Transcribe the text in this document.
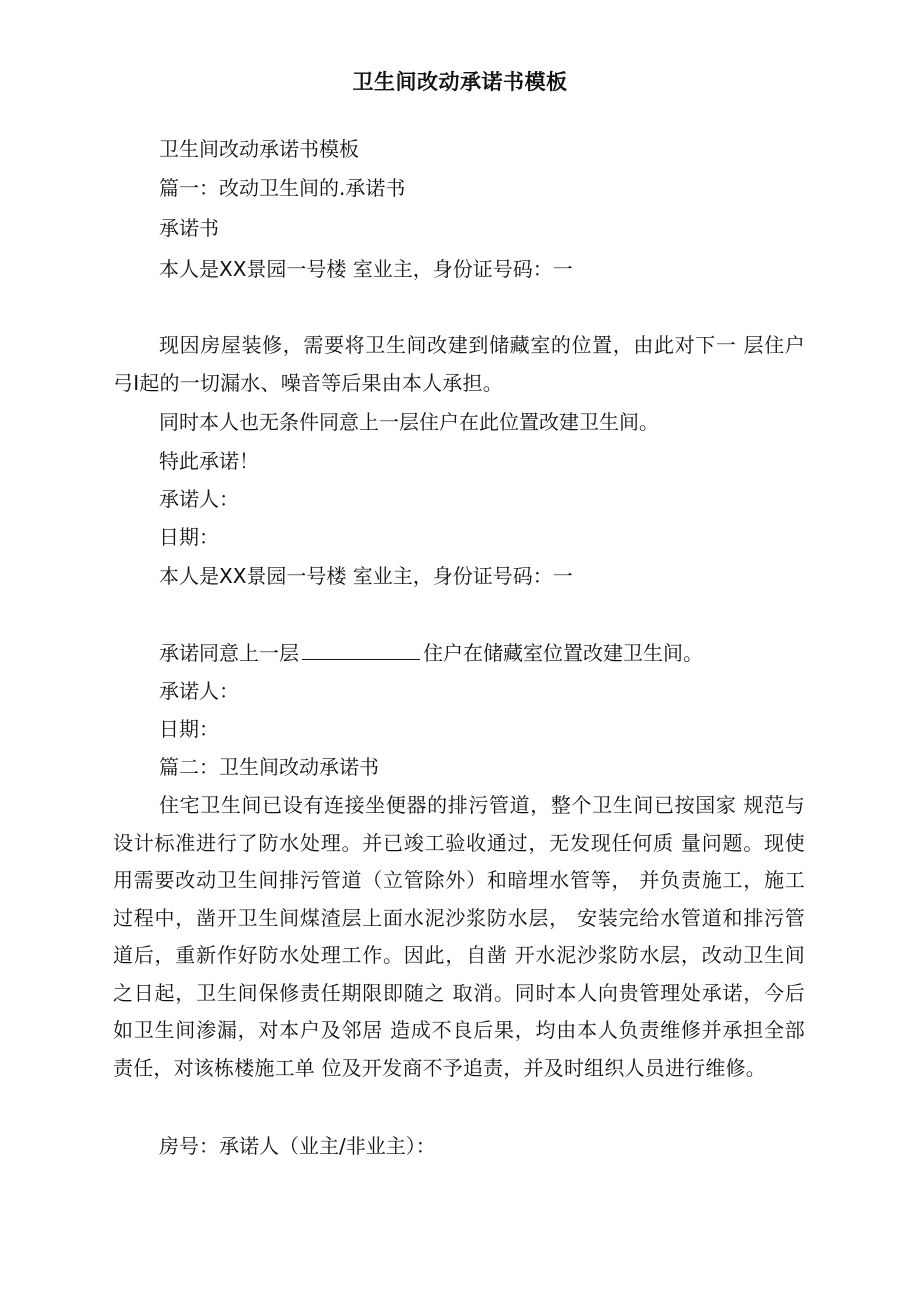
卫生间改动承诺书模板
卫生间改动承诺书模板
篇一：改动卫生间的.承诺书
承诺书
本人是XX景园一号楼 室业主，身份证号码：一
现因房屋装修，需要将卫生间改建到储藏室的位置，由此对下一 层住户弓I起的一切漏水、噪音等后果由本人承担。
同时本人也无条件同意上一层住户在此位置改建卫生间。
特此承诺！
承诺人：
日期：
本人是XX景园一号楼 室业主，身份证号码：一
承诺同意上一层	住户在储藏室位置改建卫生间。
承诺人：
日期：
篇二：卫生间改动承诺书
住宅卫生间已设有连接坐便器的排污管道，整个卫生间已按国家 规范与设计标准进行了防水处理。并已竣工验收通过，无发现任何质 量问题。现使用需要改动卫生间排污管道（立管除外）和暗埋水管等， 并负责施工，施工过程中，凿开卫生间煤渣层上面水泥沙浆防水层， 安装完给水管道和排污管道后，重新作好防水处理工作。因此，自凿 开水泥沙浆防水层，改动卫生间之日起，卫生间保修责任期限即随之 取消。同时本人向贵管理处承诺，今后如卫生间渗漏，对本户及邻居 造成不良后果，均由本人负责维修并承担全部责任，对该栋楼施工单 位及开发商不予追责，并及时组织人员进行维修。
房号：承诺人（业主/非业主）：
